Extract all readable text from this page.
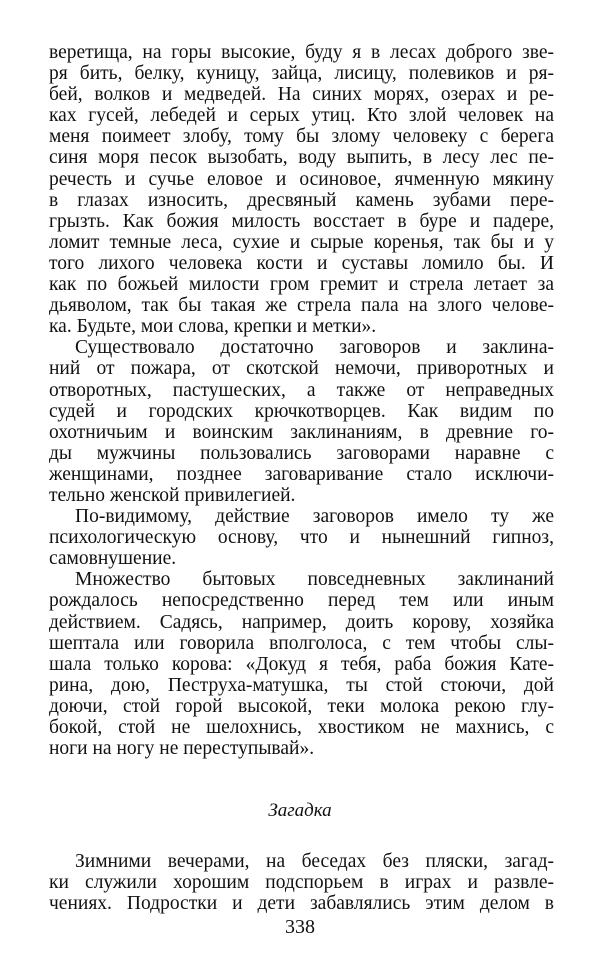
веретища, на горы высокие, буду я в лесах доброго зве-
ря бить, белку, куницу, зайца, лисицу, полевиков и ря-
бей, волков и медведей. На синих морях, озерах и ре-
ках гусей, лебедей и серых утиц. Кто злой человек на
меня поимеет злобу, тому бы злому человеку с берега
синя моря песок вызобать, воду выпить, в лесу лес пе-
речесть и сучье еловое и осиновое, ячменную мякину
в глазах износить, дресвяный камень зубами пере-
грызть. Как божия милость восстает в буре и падере,
ломит темные леса, сухие и сырые коренья, так бы и у
того лихого человека кости и суставы ломило бы. И
как по божьей милости гром гремит и стрела летает за
дьяволом, так бы такая же стрела пала на злого челове-
ка. Будьте, мои слова, крепки и метки».
Существовало достаточно заговоров и заклина-
ний от пожара, от скотской немочи, приворотных и
отворотных, пастушеских, а также от неправедных
судей и городских крючкотворцев. Как видим по
охотничьим и воинским заклинаниям, в древние го-
ды мужчины пользовались заговорами наравне с
женщинами, позднее заговаривание стало исключи-
тельно женской привилегией.
По-видимому, действие заговоров имело ту же
психологическую основу, что и нынешний гипноз,
самовнушение.
Множество бытовых повседневных заклинаний
рождалось непосредственно перед тем или иным
действием. Садясь, например, доить корову, хозяйка
шептала или говорила вполголоса, с тем чтобы слы-
шала только корова: «Докуд я тебя, раба божия Кате-
рина, дою, Пеструха-матушка, ты стой стоючи, дой
доючи, стой горой высокой, теки молока рекою глу-
бокой, стой не шелохнись, хвостиком не махнись, с
ноги на ногу не переступывай».
Загадка
Зимними вечерами, на беседах без пляски, загад-
ки служили хорошим подспорьем в играх и развле-
чениях. Подростки и дети забавлялись этим делом в
338
